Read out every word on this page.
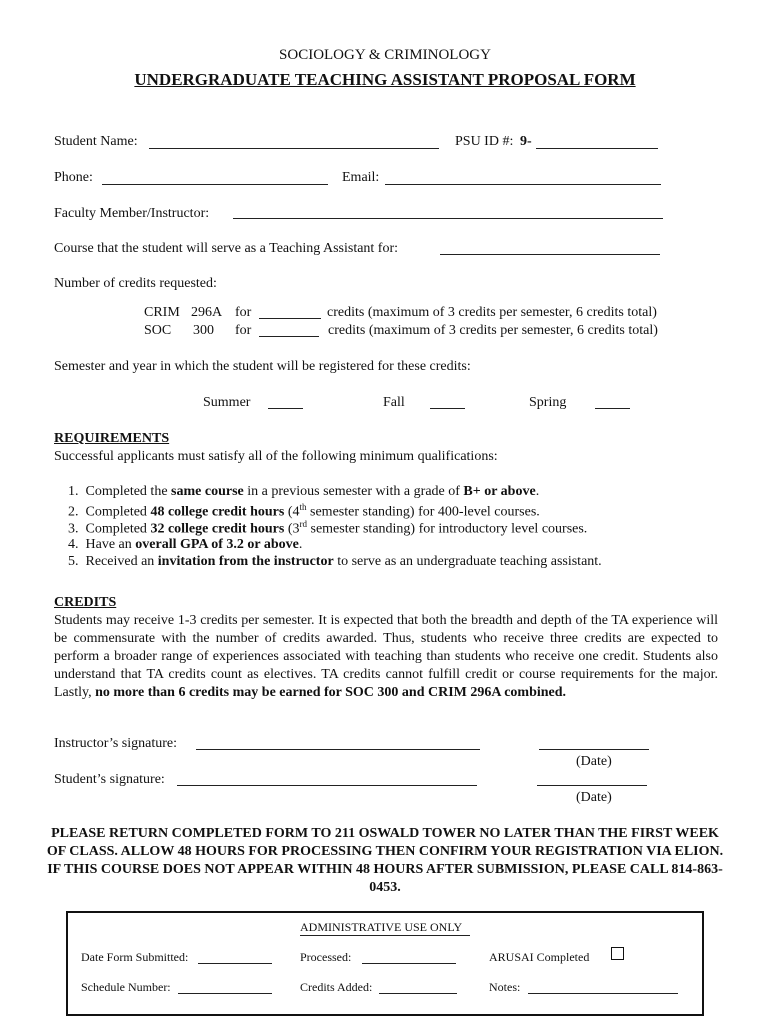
SOCIOLOGY & CRIMINOLOGY
UNDERGRADUATE TEACHING ASSISTANT PROPOSAL FORM
Student Name:	PSU ID #: 9-
Phone:	Email:
Faculty Member/Instructor:
Course that the student will serve as a Teaching Assistant for:
Number of credits requested:
CRIM 296A for	credits (maximum of 3 credits per semester, 6 credits total)
SOC 300 for	credits (maximum of 3 credits per semester, 6 credits total)
Semester and year in which the student will be registered for these credits:
Summer	Fall	Spring
REQUIREMENTS
Successful applicants must satisfy all of the following minimum qualifications:
1. Completed the same course in a previous semester with a grade of B+ or above.
2. Completed 48 college credit hours (4th semester standing) for 400-level courses.
3. Completed 32 college credit hours (3rd semester standing) for introductory level courses.
4. Have an overall GPA of 3.2 or above.
5. Received an invitation from the instructor to serve as an undergraduate teaching assistant.
CREDITS
Students may receive 1-3 credits per semester. It is expected that both the breadth and depth of the TA experience will be commensurate with the number of credits awarded. Thus, students who receive three credits are expected to perform a broader range of experiences associated with teaching than students who receive one credit. Students also understand that TA credits count as electives. TA credits cannot fulfill credit or course requirements for the major. Lastly, no more than 6 credits may be earned for SOC 300 and CRIM 296A combined.
Instructor’s signature:
(Date)
Student’s signature:
(Date)
PLEASE RETURN COMPLETED FORM TO 211 OSWALD TOWER NO LATER THAN THE FIRST WEEK OF CLASS. ALLOW 48 HOURS FOR PROCESSING THEN CONFIRM YOUR REGISTRATION VIA ELION. IF THIS COURSE DOES NOT APPEAR WITHIN 48 HOURS AFTER SUBMISSION, PLEASE CALL 814-863-0453.
ADMINISTRATIVE USE ONLY
Date Form Submitted:	Processed:	ARUSAI Completed
Schedule Number:	Credits Added:	Notes:
